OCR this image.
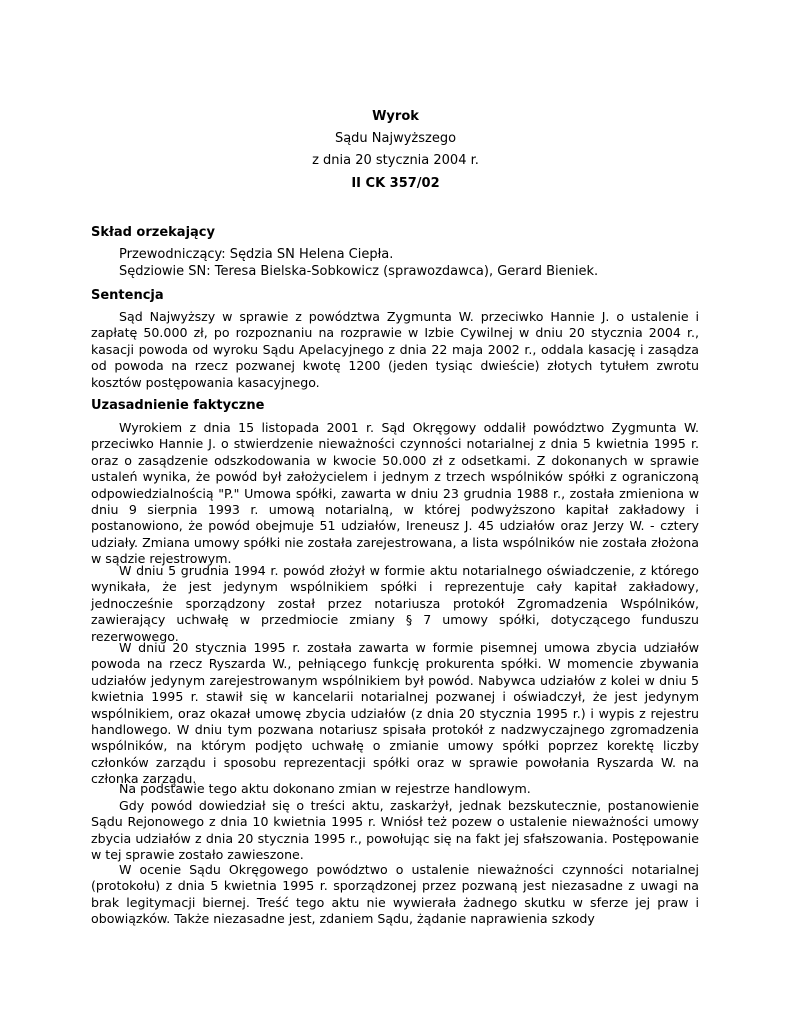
Wyrok
Sądu Najwyższego
z dnia 20 stycznia 2004 r.
II CK 357/02
Skład orzekający
Przewodniczący: Sędzia SN Helena Ciepła.
Sędziowie SN: Teresa Bielska-Sobkowicz (sprawozdawca), Gerard Bieniek.
Sentencja

Sąd Najwyższy w sprawie z powództwa Zygmunta W. przeciwko Hannie J. o ustalenie i zapłatę 50.000 zł, po rozpoznaniu na rozprawie w Izbie Cywilnej w dniu 20 stycznia 2004 r., kasacji powoda od wyroku Sądu Apelacyjnego z dnia 22 maja 2002 r., oddala kasację i zasądza od powoda na rzecz pozwanej kwotę 1200 (jeden tysiąc dwieście) złotych tytułem zwrotu kosztów postępowania kasacyjnego.

Uzasadnienie faktyczne

Wyrokiem z dnia 15 listopada 2001 r. Sąd Okręgowy oddalił powództwo Zygmunta W. przeciwko Hannie J. o stwierdzenie nieważności czynności notarialnej z dnia 5 kwietnia 1995 r. oraz o zasądzenie odszkodowania w kwocie 50.000 zł z odsetkami. Z dokonanych w sprawie ustaleń wynika, że powód był założycielem i jednym z trzech wspólników spółki z ograniczoną odpowiedzialnością "P." Umowa spółki, zawarta w dniu 23 grudnia 1988 r., została zmieniona w dniu 9 sierpnia 1993 r. umową notarialną, w której podwyższono kapitał zakładowy i postanowiono, że powód obejmuje 51 udziałów, Ireneusz J. 45 udziałów oraz Jerzy W. - cztery udziały. Zmiana umowy spółki nie została zarejestrowana, a lista wspólników nie została złożona w sądzie rejestrowym.

W dniu 5 grudnia 1994 r. powód złożył w formie aktu notarialnego oświadczenie, z którego wynikała, że jest jedynym wspólnikiem spółki i reprezentuje cały kapitał zakładowy, jednocześnie sporządzony został przez notariusza protokół Zgromadzenia Wspólników, zawierający uchwałę w przedmiocie zmiany § 7 umowy spółki, dotyczącego funduszu rezerwowego.

W dniu 20 stycznia 1995 r. została zawarta w formie pisemnej umowa zbycia udziałów powoda na rzecz Ryszarda W., pełniącego funkcję prokurenta spółki. W momencie zbywania udziałów jedynym zarejestrowanym wspólnikiem był powód. Nabywca udziałów z kolei w dniu 5 kwietnia 1995 r. stawił się w kancelarii notarialnej pozwanej i oświadczył, że jest jedynym wspólnikiem, oraz okazał umowę zbycia udziałów (z dnia 20 stycznia 1995 r.) i wypis z rejestru handlowego. W dniu tym pozwana notariusz spisała protokół z nadzwyczajnego zgromadzenia wspólników, na którym podjęto uchwałę o zmianie umowy spółki poprzez korektę liczby członków zarządu i sposobu reprezentacji spółki oraz w sprawie powołania Ryszarda W. na członka zarządu.

Na podstawie tego aktu dokonano zmian w rejestrze handlowym.

Gdy powód dowiedział się o treści aktu, zaskarżył, jednak bezskutecznie, postanowienie Sądu Rejonowego z dnia 10 kwietnia 1995 r. Wniósł też pozew o ustalenie nieważności umowy zbycia udziałów z dnia 20 stycznia 1995 r., powołując się na fakt jej sfałszowania. Postępowanie w tej sprawie zostało zawieszone.

W ocenie Sądu Okręgowego powództwo o ustalenie nieważności czynności notarialnej (protokołu) z dnia 5 kwietnia 1995 r. sporządzonej przez pozwaną jest niezasadne z uwagi na brak legitymacji biernej. Treść tego aktu nie wywierała żadnego skutku w sferze jej praw i obowiązków. Także niezasadne jest, zdaniem Sądu, żądanie naprawienia szkody
